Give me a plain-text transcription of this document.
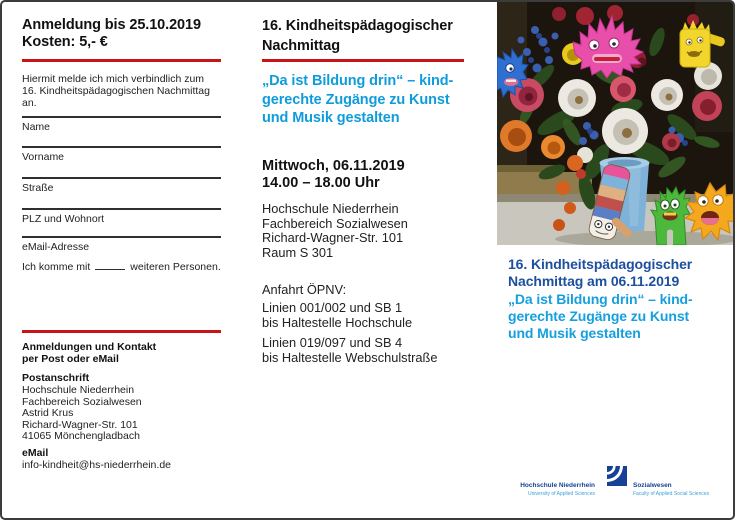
Anmeldung bis 25.10.2019
Kosten: 5,- €
Hiermit melde ich mich verbindlich zum
16. Kindheitspädagogischen Nachmittag an.
Name
Vorname
Straße
PLZ und Wohnort
eMail-Adresse
Ich komme mit	weiteren Personen.
Anmeldungen und Kontakt
per Post oder eMail
Postanschrift
Hochschule Niederrhein
Fachbereich Sozialwesen
Astrid Krus
Richard-Wagner-Str. 101
41065 Mönchengladbach
eMail
info-kindheit@hs-niederrhein.de
16. Kindheitspädagogischer
Nachmittag
„Da ist Bildung drin“ – kind-
gerechte Zugänge zu Kunst
und Musik gestalten
Mittwoch, 06.11.2019
14.00 – 18.00 Uhr
Hochschule Niederrhein
Fachbereich Sozialwesen
Richard-Wagner-Str. 101
Raum S 301
Anfahrt ÖPNV:
Linien 001/002 und SB 1
bis Haltestelle Hochschule
Linien 019/097 und SB 4
bis Haltestelle Webschulstraße
16. Kindheitspädagogischer
Nachmittag am 06.11.2019
„Da ist Bildung drin“ – kind-
gerechte Zugänge zu Kunst
und Musik gestalten
Hochschule Niederrhein
University of Applied Sciences
Sozialwesen
Faculty of Applied Social Sciences
